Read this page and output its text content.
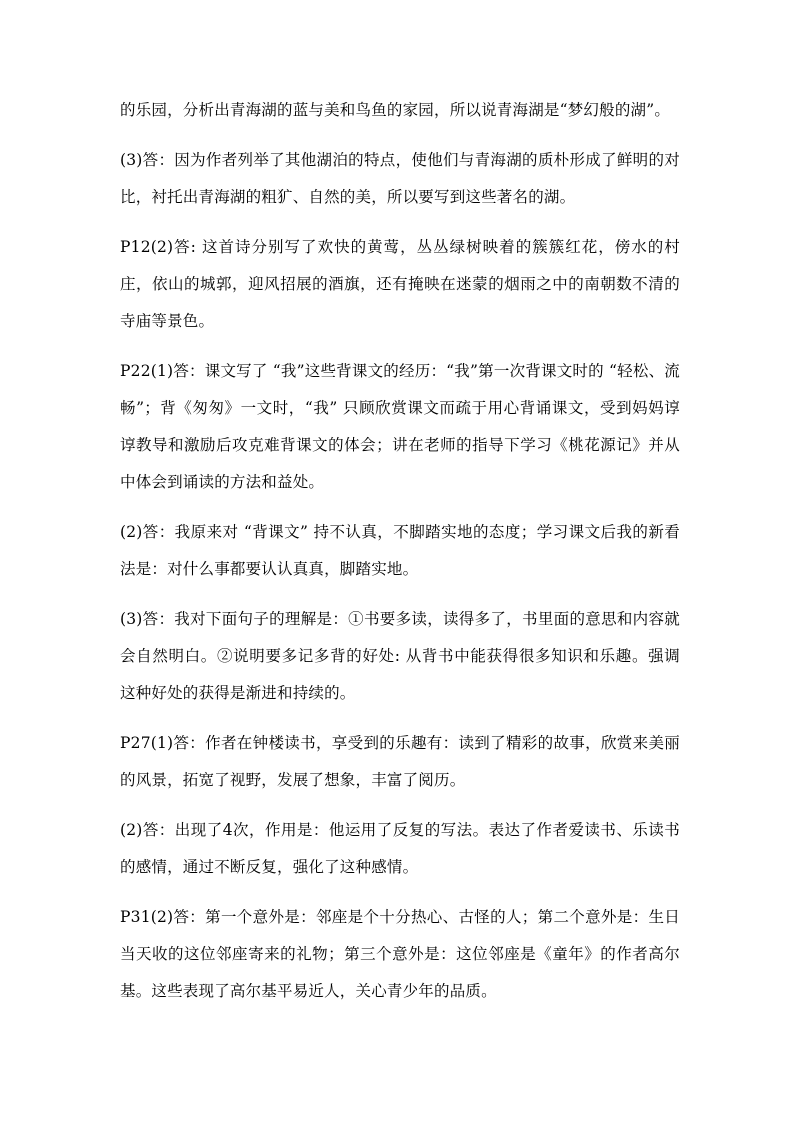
的乐园，分析出青海湖的蓝与美和鸟鱼的家园，所以说青海湖是“梦幻般的湖”。

(3)答：因为作者列举了其他湖泊的特点，使他们与青海湖的质朴形成了鲜明的对比，衬托出青海湖的粗犷、自然的美，所以要写到这些著名的湖。

P12(2)答: 这首诗分别写了欢快的黄莺，丛丛绿树映着的簇簇红花，傍水的村庄，依山的城郭，迎风招展的酒旗，还有掩映在迷蒙的烟雨之中的南朝数不清的寺庙等景色。

P22(1)答：课文写了 “我”这些背课文的经历：“我”第一次背课文时的 “轻松、流畅”；背《匆匆》一文时，“我” 只顾欣赏课文而疏于用心背诵课文，受到妈妈谆谆教导和激励后攻克难背课文的体会；讲在老师的指导下学习《桃花源记》并从中体会到诵读的方法和益处。

(2)答：我原来对 “背课文” 持不认真，不脚踏实地的态度；学习课文后我的新看法是：对什么事都要认认真真，脚踏实地。

(3)答：我对下面句子的理解是：①书要多读，读得多了，书里面的意思和内容就会自然明白。②说明要多记多背的好处: 从背书中能获得很多知识和乐趣。强调这种好处的获得是渐进和持续的。

P27(1)答：作者在钟楼读书，享受到的乐趣有：读到了精彩的故事，欣赏来美丽的风景，拓宽了视野，发展了想象，丰富了阅历。

(2)答：出现了4次，作用是：他运用了反复的写法。表达了作者爱读书、乐读书的感情，通过不断反复，强化了这种感情。

P31(2)答：第一个意外是：邻座是个十分热心、古怪的人；第二个意外是：生日当天收的这位邻座寄来的礼物；第三个意外是：这位邻座是《童年》的作者高尔基。这些表现了高尔基平易近人，关心青少年的品质。
